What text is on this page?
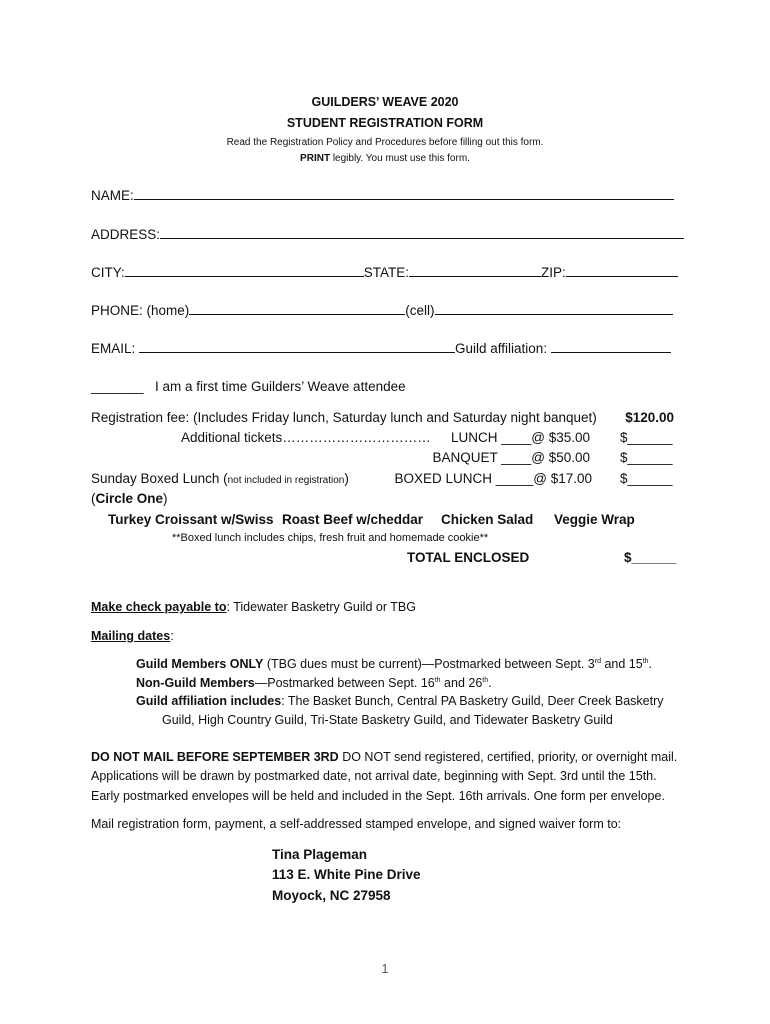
GUILDERS’ WEAVE 2020
STUDENT REGISTRATION FORM
Read the Registration Policy and Procedures before filling out this form.
PRINT legibly. You must use this form.
NAME:
ADDRESS:
CITY:	STATE:	ZIP:
PHONE: (home)	(cell)
EMAIL:	Guild affiliation:
_______ I am a first time Guilders’ Weave attendee
Registration fee: (Includes Friday lunch, Saturday lunch and Saturday night banquet)	$120.00
Additional tickets……………………………	LUNCH ____@ $35.00 $______
BANQUET ____@ $50.00 $______
Sunday Boxed Lunch (not included in registration)	BOXED LUNCH _____@ $17.00 $______
(Circle One)
Turkey Croissant w/Swiss Roast Beef w/cheddar Chicken Salad Veggie Wrap
**Boxed lunch includes chips, fresh fruit and homemade cookie**
TOTAL ENCLOSED	$______
Make check payable to: Tidewater Basketry Guild or TBG
Mailing dates:
Guild Members ONLY (TBG dues must be current)—Postmarked between Sept. 3rd and 15th.
Non-Guild Members—Postmarked between Sept. 16th and 26th.
Guild affiliation includes: The Basket Bunch, Central PA Basketry Guild, Deer Creek Basketry
Guild, High Country Guild, Tri-State Basketry Guild, and Tidewater Basketry Guild
DO NOT MAIL BEFORE SEPTEMBER 3RD DO NOT send registered, certified, priority, or overnight mail.
Applications will be drawn by postmarked date, not arrival date, beginning with Sept. 3rd until the 15th.
Early postmarked envelopes will be held and included in the Sept. 16th arrivals. One form per envelope.
Mail registration form, payment, a self-addressed stamped envelope, and signed waiver form to:
Tina Plageman
113 E. White Pine Drive
Moyock, NC 27958
1
